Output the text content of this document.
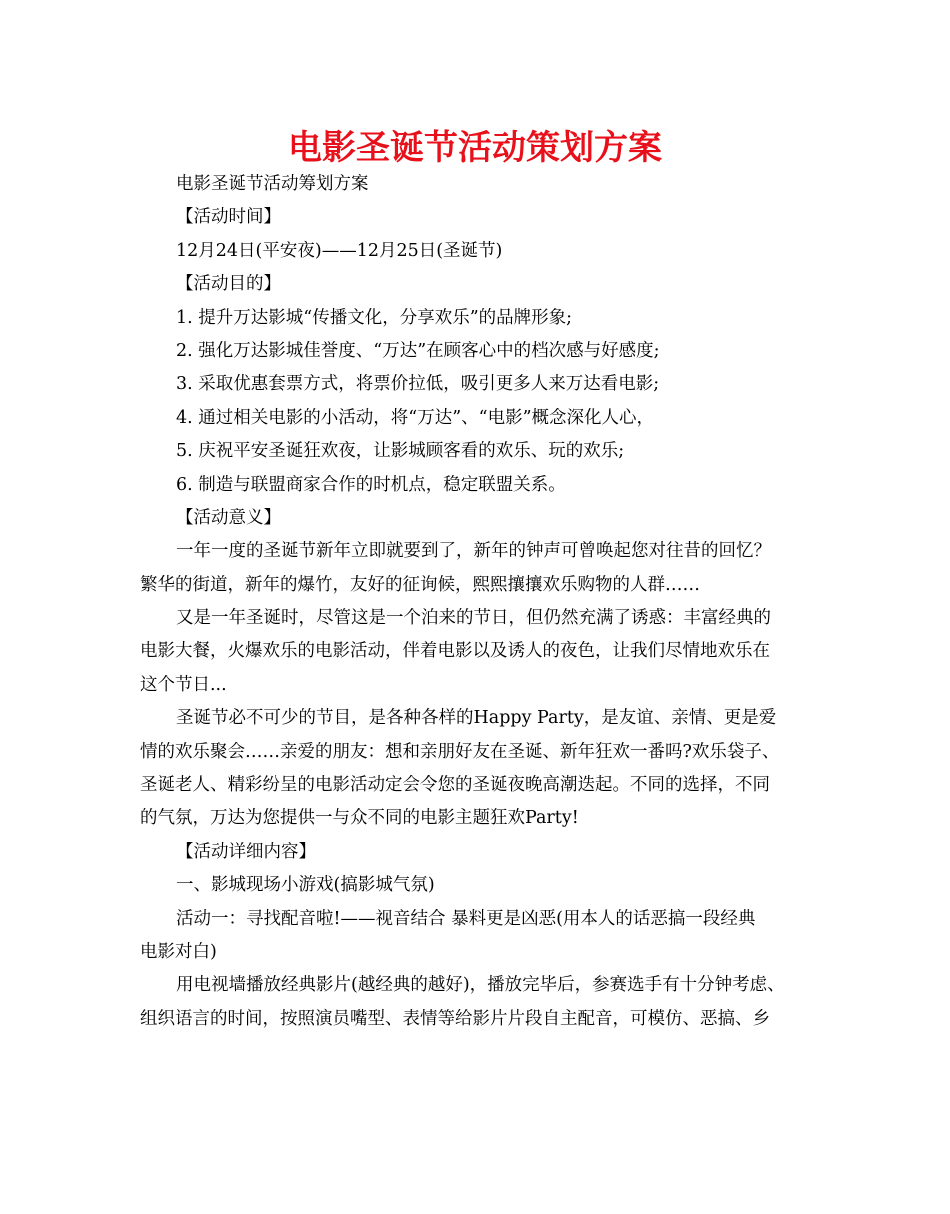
电影圣诞节活动策划方案
电影圣诞节活动筹划方案
【活动时间】
12月24日(平安夜)——12月25日(圣诞节)
【活动目的】
1. 提升万达影城“传播文化，分享欢乐”的品牌形象;
2. 强化万达影城佳誉度、“万达”在顾客心中的档次感与好感度;
3. 采取优惠套票方式，将票价拉低，吸引更多人来万达看电影;
4. 通过相关电影的小活动，将“万达”、“电影”概念深化人心，
5. 庆祝平安圣诞狂欢夜，让影城顾客看的欢乐、玩的欢乐;
6. 制造与联盟商家合作的时机点，稳定联盟关系。
【活动意义】
一年一度的圣诞节新年立即就要到了，新年的钟声可曾唤起您对往昔的回忆？
繁华的街道，新年的爆竹，友好的征询候，熙熙攘攘欢乐购物的人群……
又是一年圣诞时，尽管这是一个泊来的节日，但仍然充满了诱惑：丰富经典的
电影大餐，火爆欢乐的电影活动，伴着电影以及诱人的夜色，让我们尽情地欢乐在
这个节日...
圣诞节必不可少的节目，是各种各样的Happy Party，是友谊、亲情、更是爱
情的欢乐聚会……亲爱的朋友：想和亲朋好友在圣诞、新年狂欢一番吗?欢乐袋子、
圣诞老人、精彩纷呈的电影活动定会令您的圣诞夜晚高潮迭起。不同的选择，不同
的气氛，万达为您提供一与众不同的电影主题狂欢Party!
【活动详细内容】
一、影城现场小游戏(搞影城气氛)
活动一：寻找配音啦!——视音结合 暴料更是凶恶(用本人的话恶搞一段经典
电影对白)
用电视墙播放经典影片(越经典的越好)，播放完毕后，参赛选手有十分钟考虑、
组织语言的时间，按照演员嘴型、表情等给影片片段自主配音，可模仿、恶搞、乡
